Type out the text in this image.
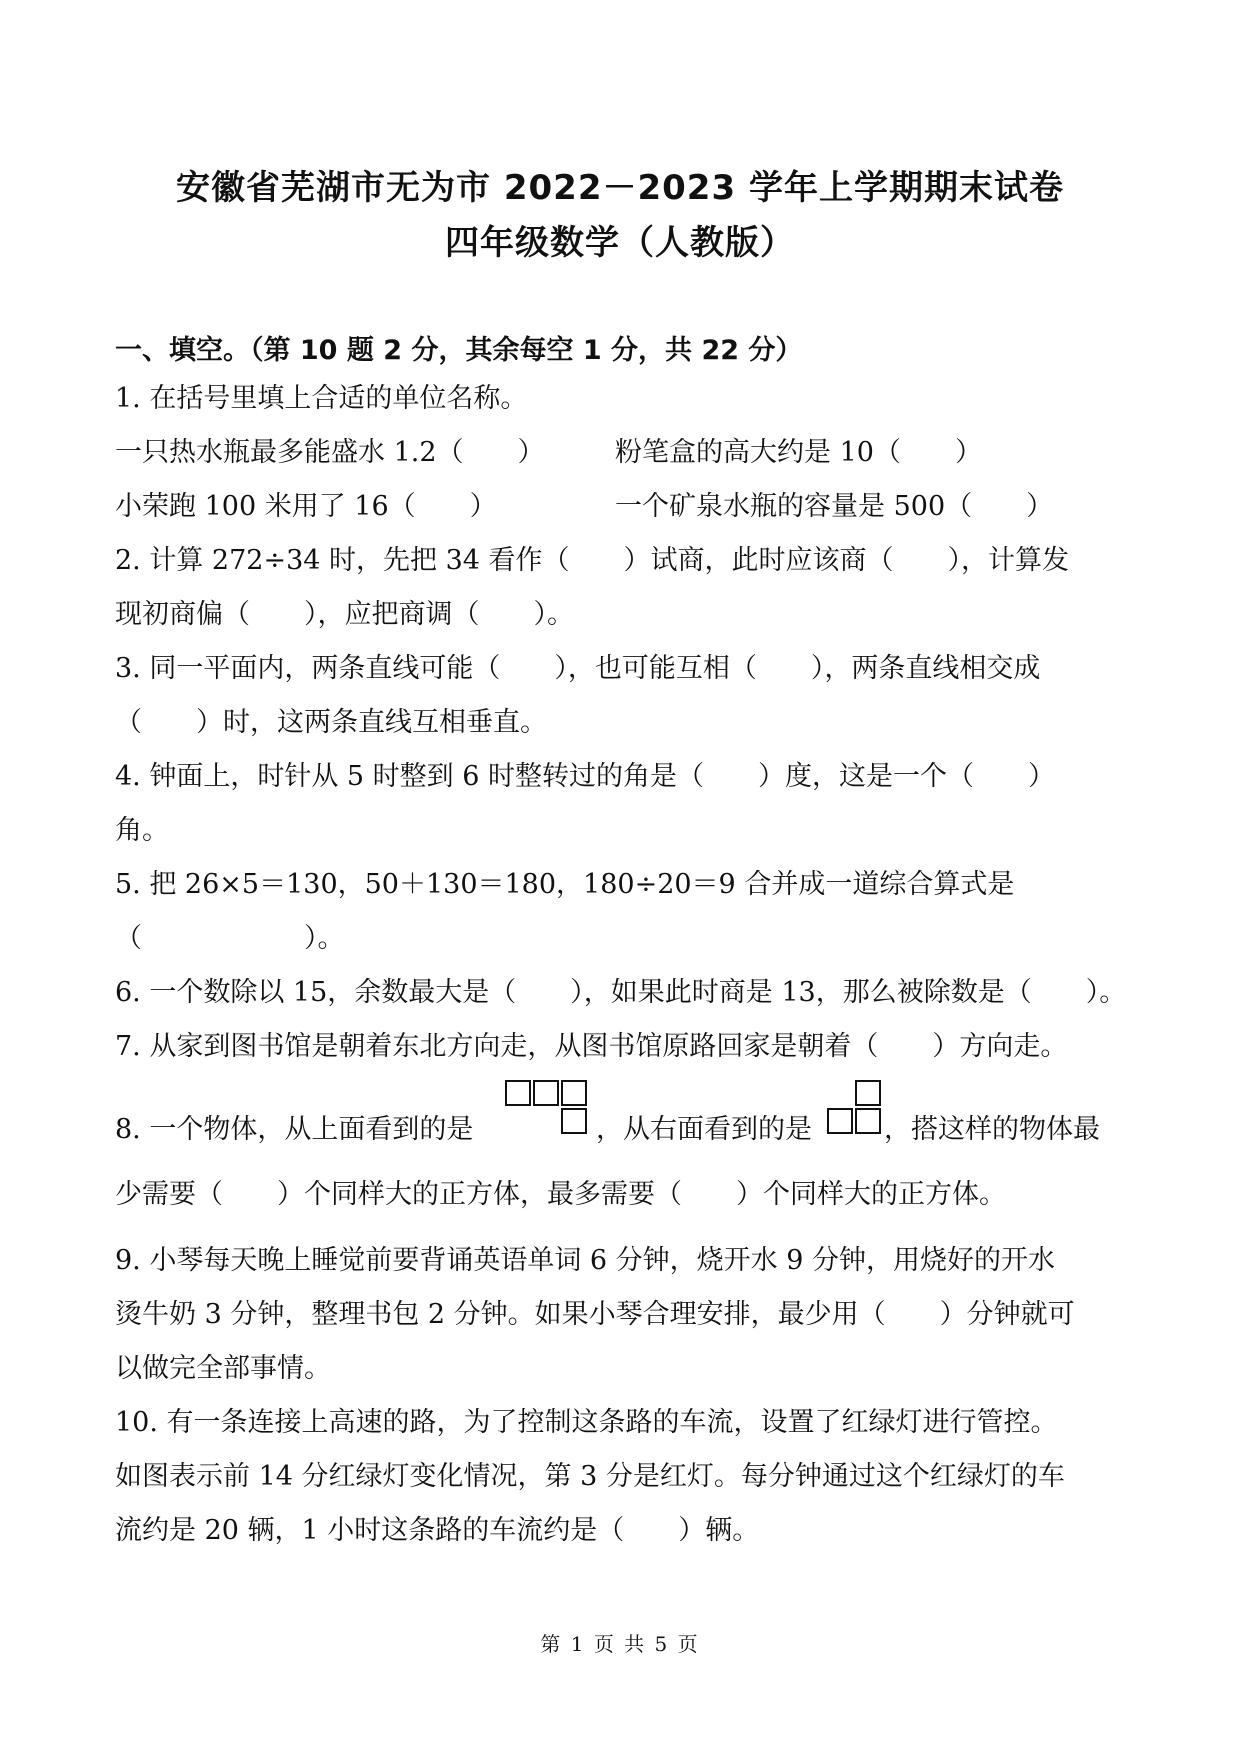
安徽省芜湖市无为市 2022－2023 学年上学期期末试卷
四年级数学（人教版）
一、填空。（第 10 题 2 分，其余每空 1 分，共 22 分）
1. 在括号里填上合适的单位名称。
一只热水瓶最多能盛水 1.2（　　）	粉笔盒的高大约是 10（　　）
小荣跑 100 米用了 16（　　）	一个矿泉水瓶的容量是 500（　　）
2. 计算 272÷34 时，先把 34 看作（　　）试商，此时应该商（　　），计算发
现初商偏（　　），应把商调（　　）。
3. 同一平面内，两条直线可能（　　），也可能互相（　　），两条直线相交成
（　　）时，这两条直线互相垂直。
4. 钟面上，时针从 5 时整到 6 时整转过的角是（　　）度，这是一个（　　）
角。
5. 把 26×5＝130，50＋130＝180，180÷20＝9 合并成一道综合算式是
（　　　　　　）。
6. 一个数除以 15，余数最大是（　　），如果此时商是 13，那么被除数是（　　）。
7. 从家到图书馆是朝着东北方向走，从图书馆原路回家是朝着（　　）方向走。
8. 一个物体，从上面看到的是	，从右面看到的是	，搭这样的物体最
少需要（　　）个同样大的正方体，最多需要（　　）个同样大的正方体。
9. 小琴每天晚上睡觉前要背诵英语单词 6 分钟，烧开水 9 分钟，用烧好的开水
烫牛奶 3 分钟，整理书包 2 分钟。如果小琴合理安排，最少用（　　）分钟就可
以做完全部事情。
10. 有一条连接上高速的路，为了控制这条路的车流，设置了红绿灯进行管控。
如图表示前 14 分红绿灯变化情况，第 3 分是红灯。每分钟通过这个红绿灯的车
流约是 20 辆，1 小时这条路的车流约是（　　）辆。
第 1 页 共 5 页
